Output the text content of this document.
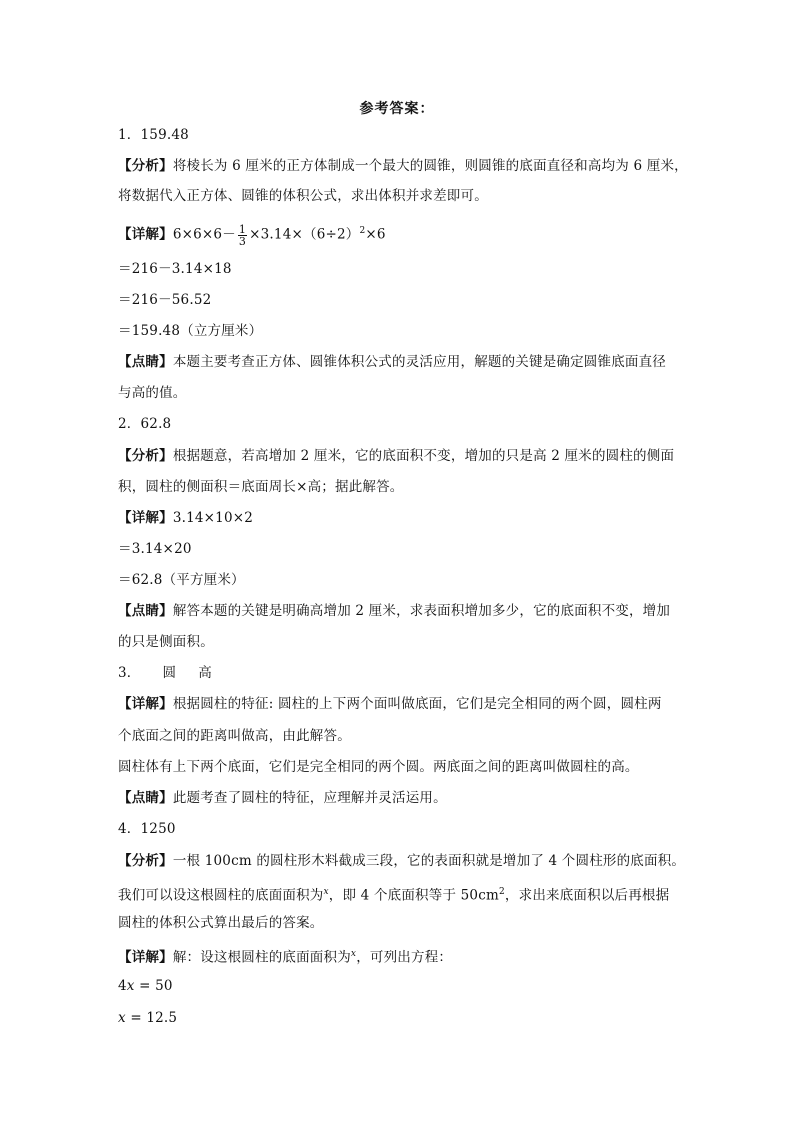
参考答案：
1．159.48
【分析】将棱长为 6 厘米的正方体制成一个最大的圆锥，则圆锥的底面直径和高均为 6 厘米，
将数据代入正方体、圆锥的体积公式，求出体积并求差即可。
【详解】$6\times 6\times 6- \frac{1}{3} \times 3.14\times(6\div 2)^2\times 6$
＝216－3.14×18
＝216－56.52
＝159.48（立方厘米）
【点睛】本题主要考查正方体、圆锥体积公式的灵活应用，解题的关键是确定圆锥底面直径
与高的值。
2．62.8
【分析】根据题意，若高增加 2 厘米，它的底面积不变，增加的只是高 2 厘米的圆柱的侧面
积，圆柱的侧面积＝底面周长×高；据此解答。
【详解】3.14×10×2
＝3.14×20
＝62.8（平方厘米）
【点睛】解答本题的关键是明确高增加 2 厘米，求表面积增加多少，它的底面积不变，增加
的只是侧面积。
3． 圆 高
【详解】根据圆柱的特征: 圆柱的上下两个面叫做底面，它们是完全相同的两个圆，圆柱两
个底面之间的距离叫做高，由此解答。
圆柱体有上下两个底面，它们是完全相同的两个圆。两底面之间的距离叫做圆柱的高。
【点睛】此题考查了圆柱的特征，应理解并灵活运用。
4．1250
【分析】一根 100cm 的圆柱形木料截成三段，它的表面积就是增加了 4 个圆柱形的底面积。
我们可以设这根圆柱的底面面积为$^x$，即 4 个底面积等于 $50cm^2$，求出来底面积以后再根据
圆柱的体积公式算出最后的答案。
【详解】解：设这根圆柱的底面面积为$^x$，可列出方程：
4x = 50
x = 12.5
